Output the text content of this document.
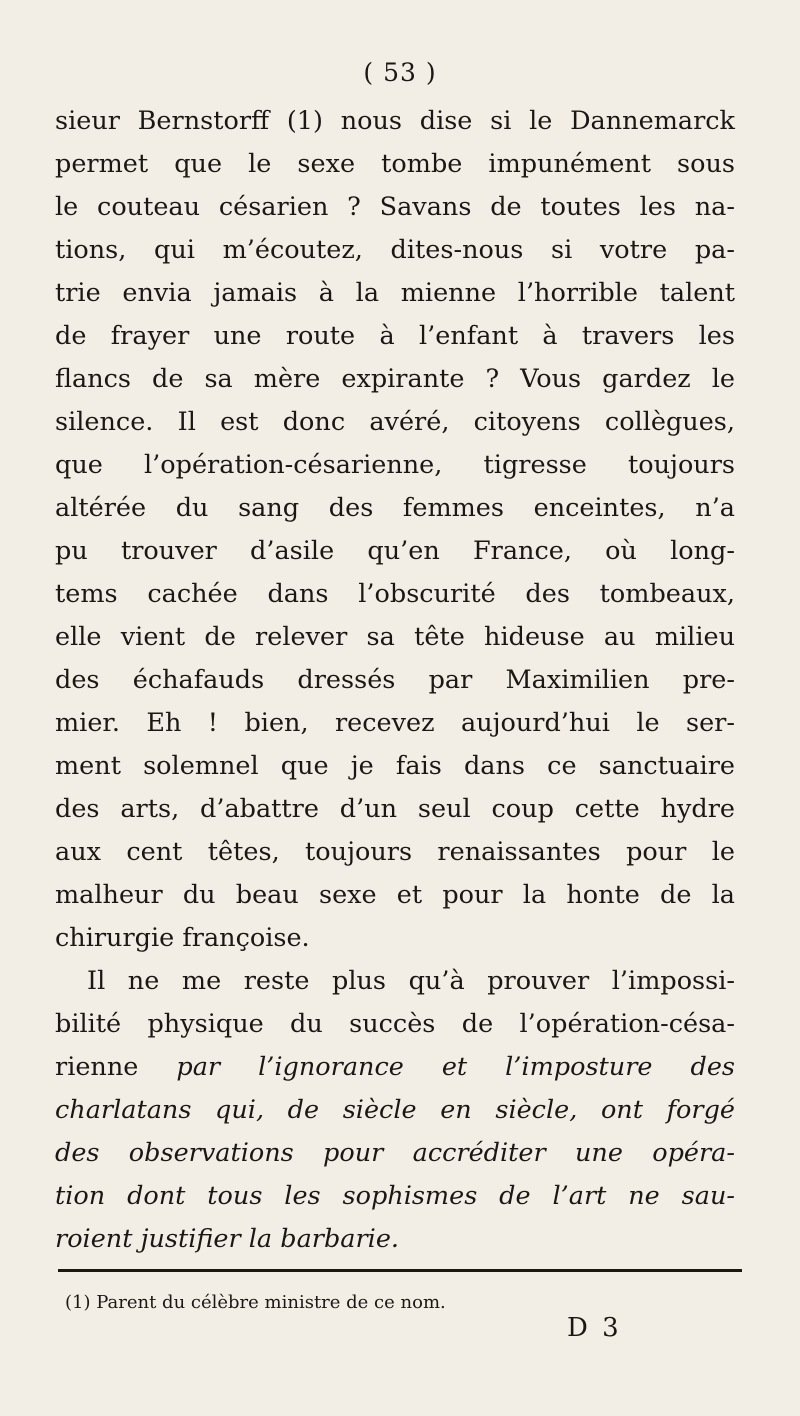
( 53 )
sieur Bernstorff (1) nous dise si le Dannemarck
permet que le sexe tombe impunément sous
le couteau césarien ? Savans de toutes les na-
tions, qui m’écoutez, dites-nous si votre pa-
trie envia jamais à la mienne l’horrible talent
de frayer une route à l’enfant à travers les
flancs de sa mère expirante ? Vous gardez le
silence. Il est donc avéré, citoyens collègues,
que l’opération-césarienne, tigresse toujours
altérée du sang des femmes enceintes, n’a
pu trouver d’asile qu’en France, où long-
tems cachée dans l’obscurité des tombeaux,
elle vient de relever sa tête hideuse au milieu
des échafauds dressés par Maximilien pre-
mier. Eh ! bien, recevez aujourd’hui le ser-
ment solemnel que je fais dans ce sanctuaire
des arts, d’abattre d’un seul coup cette hydre
aux cent têtes, toujours renaissantes pour le
malheur du beau sexe et pour la honte de la
chirurgie françoise.
Il ne me reste plus qu’à prouver l’impossi-
bilité physique du succès de l’opération-césa-
rienne par l’ignorance et l’imposture des
charlatans qui, de siècle en siècle, ont forgé
des observations pour accréditer une opéra-
tion dont tous les sophismes de l’art ne sau-
roient justifier la barbarie.
(1) Parent du célèbre ministre de ce nom.
D 3
